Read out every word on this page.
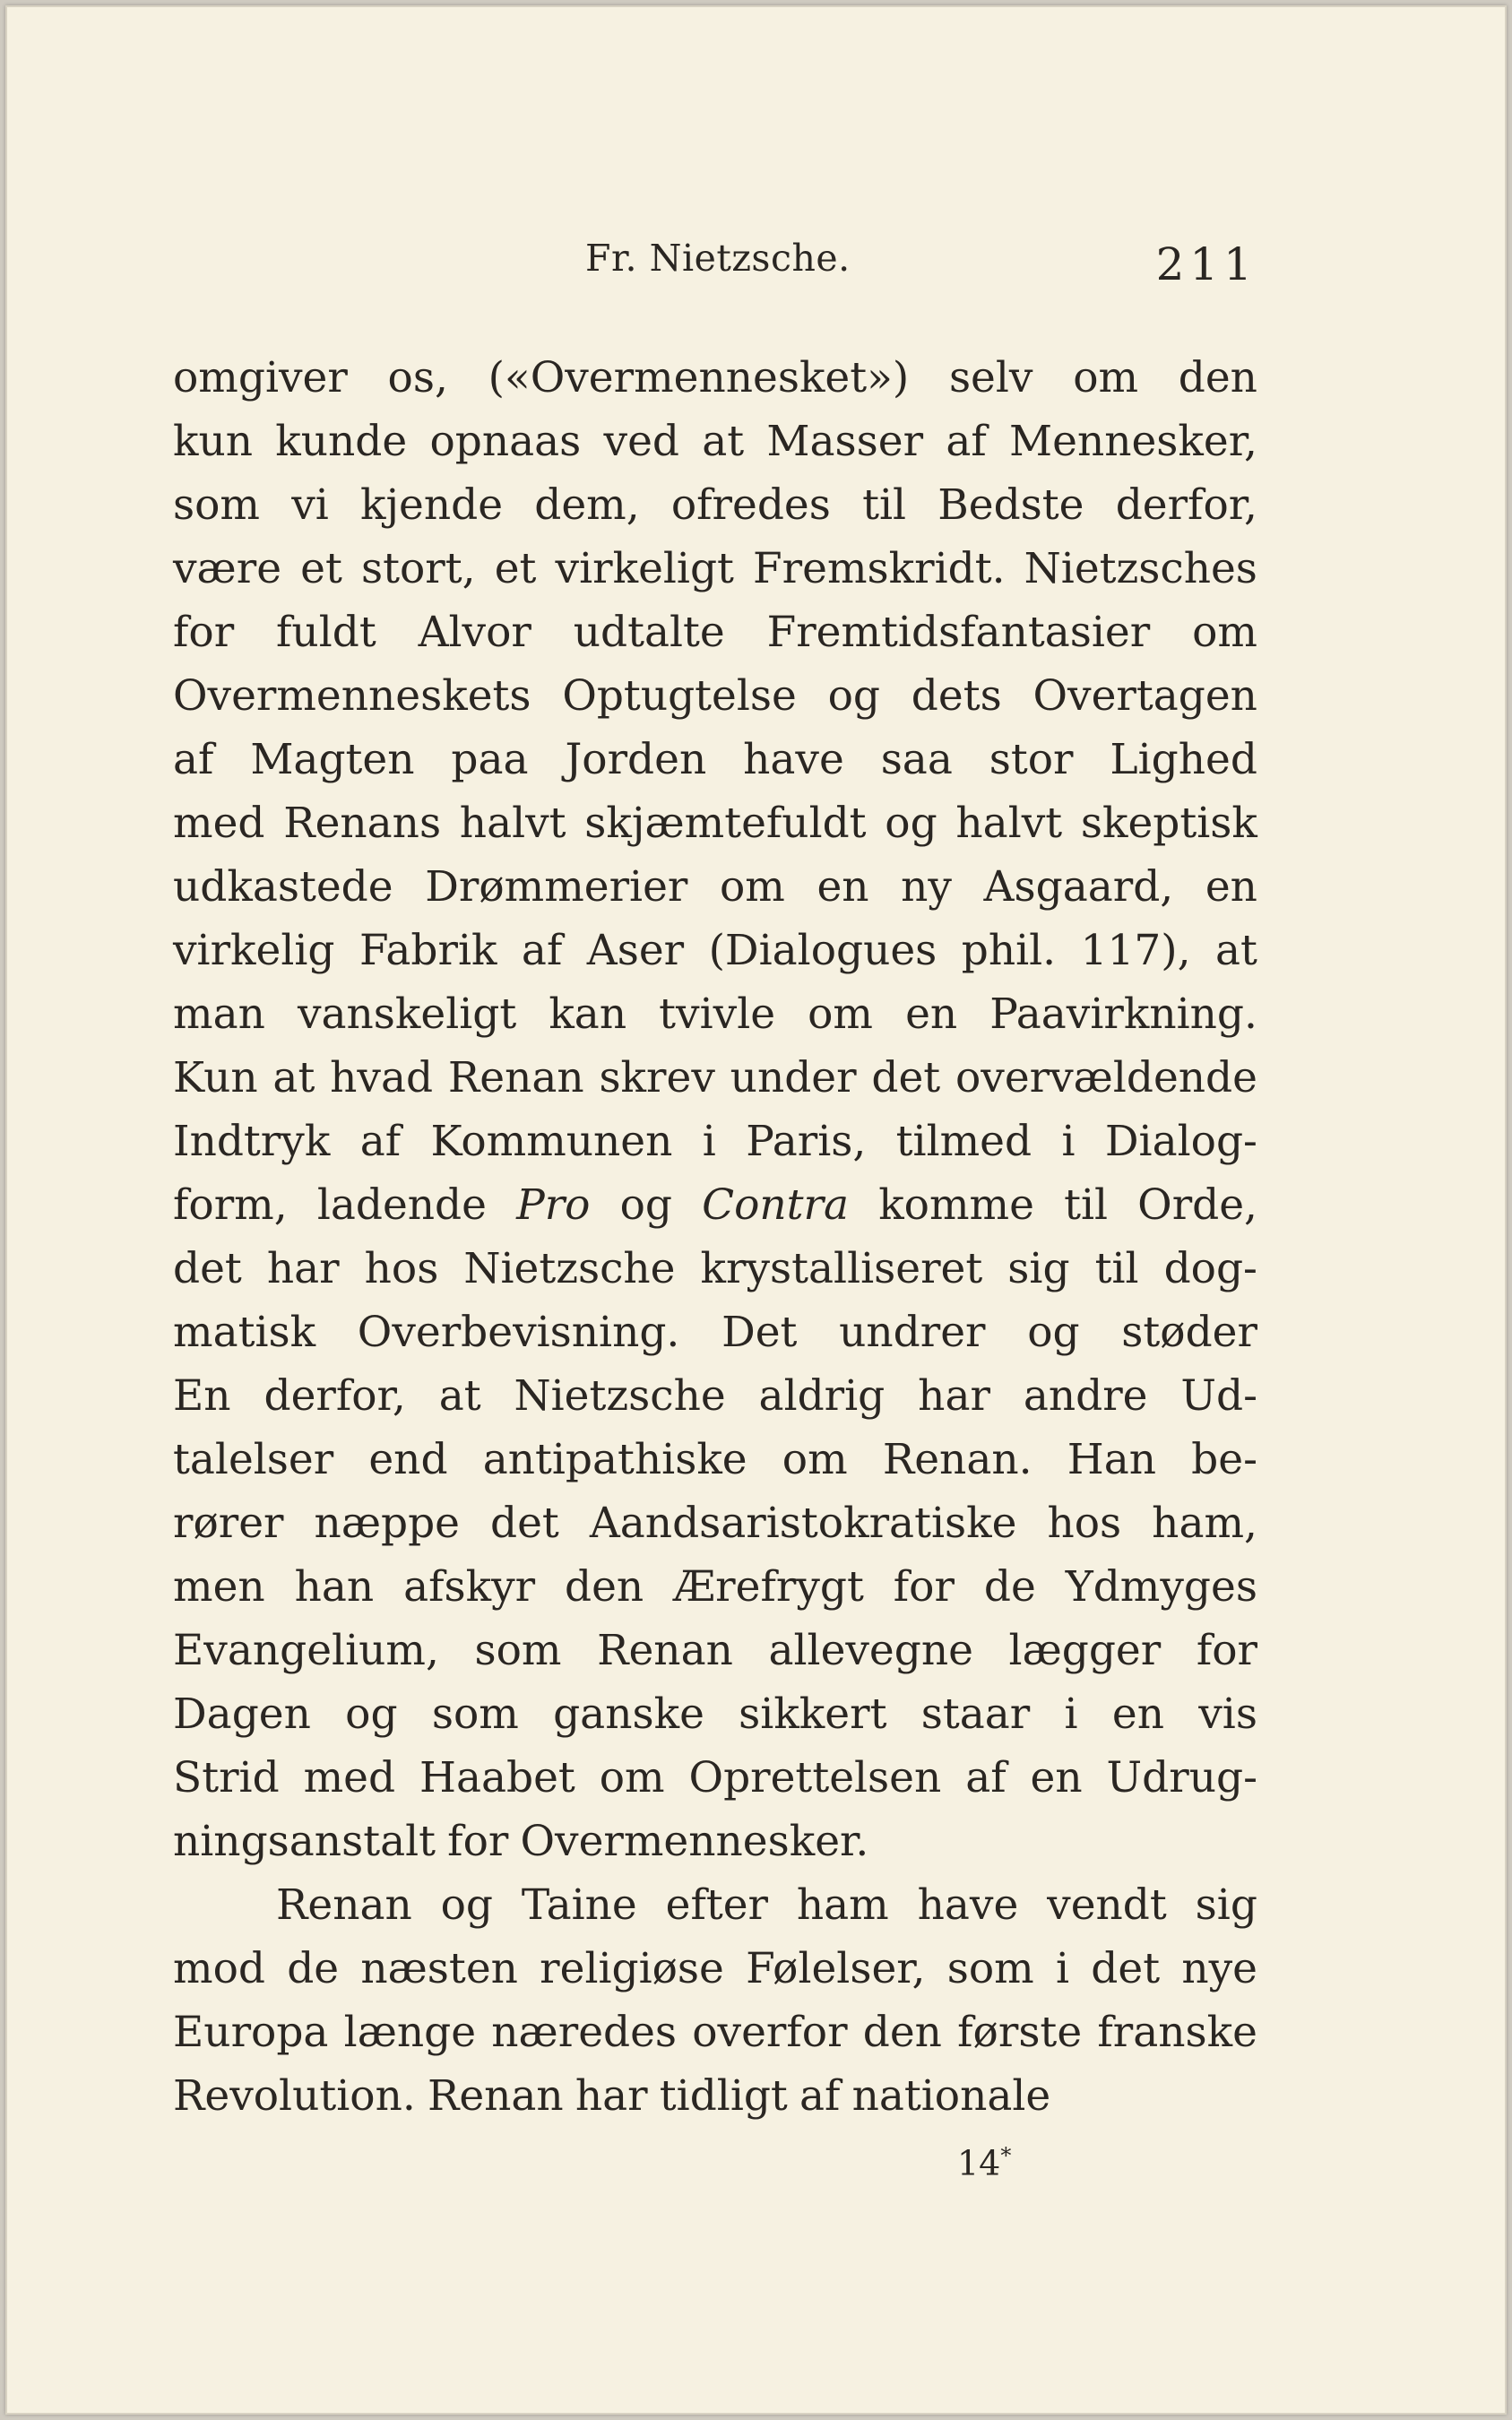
Fr. Nietzsche.	211
omgiver os, («Overmennesket») selv om den
kun kunde opnaas ved at Masser af Mennesker,
som vi kjende dem, ofredes til Bedste derfor,
være et stort, et virkeligt Fremskridt. Nietzsches
for fuldt Alvor udtalte Fremtidsfantasier om
Overmenneskets Optugtelse og dets Overtagen
af Magten paa Jorden have saa stor Lighed
med Renans halvt skjæmtefuldt og halvt skeptisk
udkastede Drømmerier om en ny Asgaard, en
virkelig Fabrik af Aser (Dialogues phil. 117), at
man vanskeligt kan tvivle om en Paavirkning.
Kun at hvad Renan skrev under det overvældende
Indtryk af Kommunen i Paris, tilmed i Dialog-
form, ladende Pro og Contra komme til Orde,
det har hos Nietzsche krystalliseret sig til dog-
matisk Overbevisning. Det undrer og støder
En derfor, at Nietzsche aldrig har andre Ud-
talelser end antipathiske om Renan. Han be-
rører næppe det Aandsaristokratiske hos ham,
men han afskyr den Ærefrygt for de Ydmyges
Evangelium, som Renan allevegne lægger for
Dagen og som ganske sikkert staar i en vis
Strid med Haabet om Oprettelsen af en Udrug-
ningsanstalt for Overmennesker.
Renan og Taine efter ham have vendt sig
mod de næsten religiøse Følelser, som i det nye
Europa længe næredes overfor den første franske
Revolution. Renan har tidligt af nationale
14*
